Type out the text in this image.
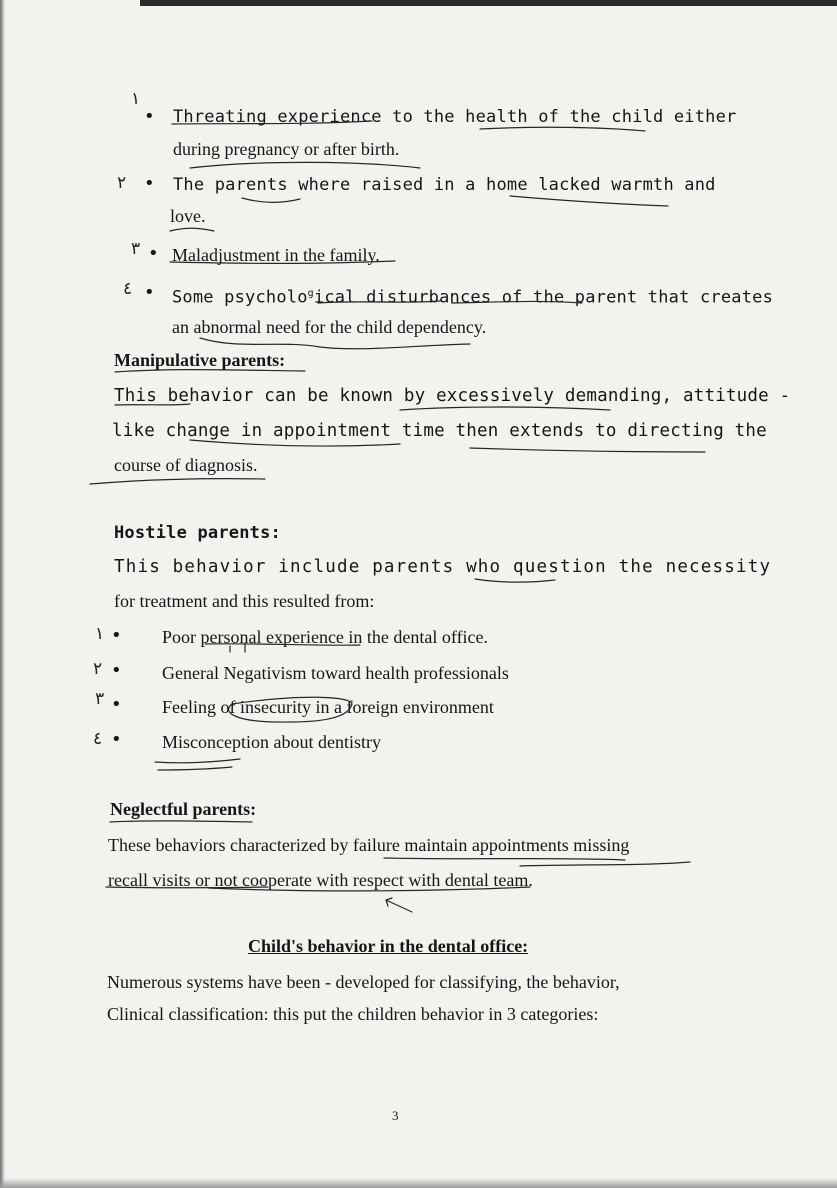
١
• Threating experience to the health of the child either
during pregnancy or after birth.
٢ • The parents where raised in a home lacked warmth and
love.
٣ • Maladjustment in the family.
٤ • Some psycholo$^g$ical disturbances of the parent that creates
an abnormal need for the child dependency.
Manipulative parents:
This behavior can be known by excessively demanding, attitude -
like change in appointment time then extends to directing the
course of diagnosis.
Hostile parents:
This behavior include parents who question the necessity
for treatment and this resulted from:
١ • Poor personal experience in the dental office.
٢ • General Negativism toward health professionals
٣ • Feeling of insecurity in a foreign environment
٤ • Misconception about dentistry
Neglectful parents:
These behaviors characterized by failure maintain appointments missing
recall visits or not cooperate with respect with dental team.
Child's behavior in the dental office:
Numerous systems have been - developed for classifying, the behavior,
Clinical classification: this put the children behavior in 3 categories:
3
